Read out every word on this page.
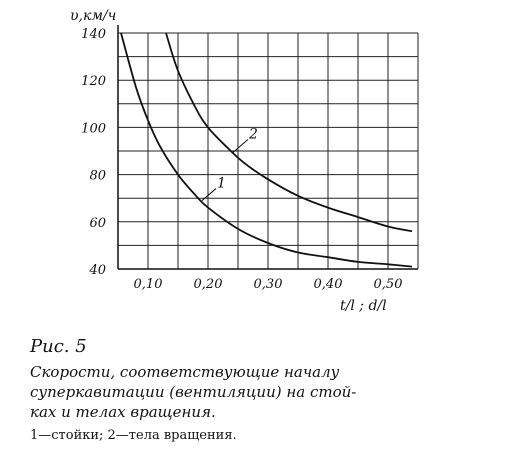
40
60
80
100
120
140
0,10 0,20 0,30 0,40 0,50
1
2
υ,км/ч
t/l ; d/l
Рис. 5
Скорости, соответствующие началу
суперкавитации (вентиляции) на стой-
ках и телах вращения.
1—стойки; 2—тела вращения.
